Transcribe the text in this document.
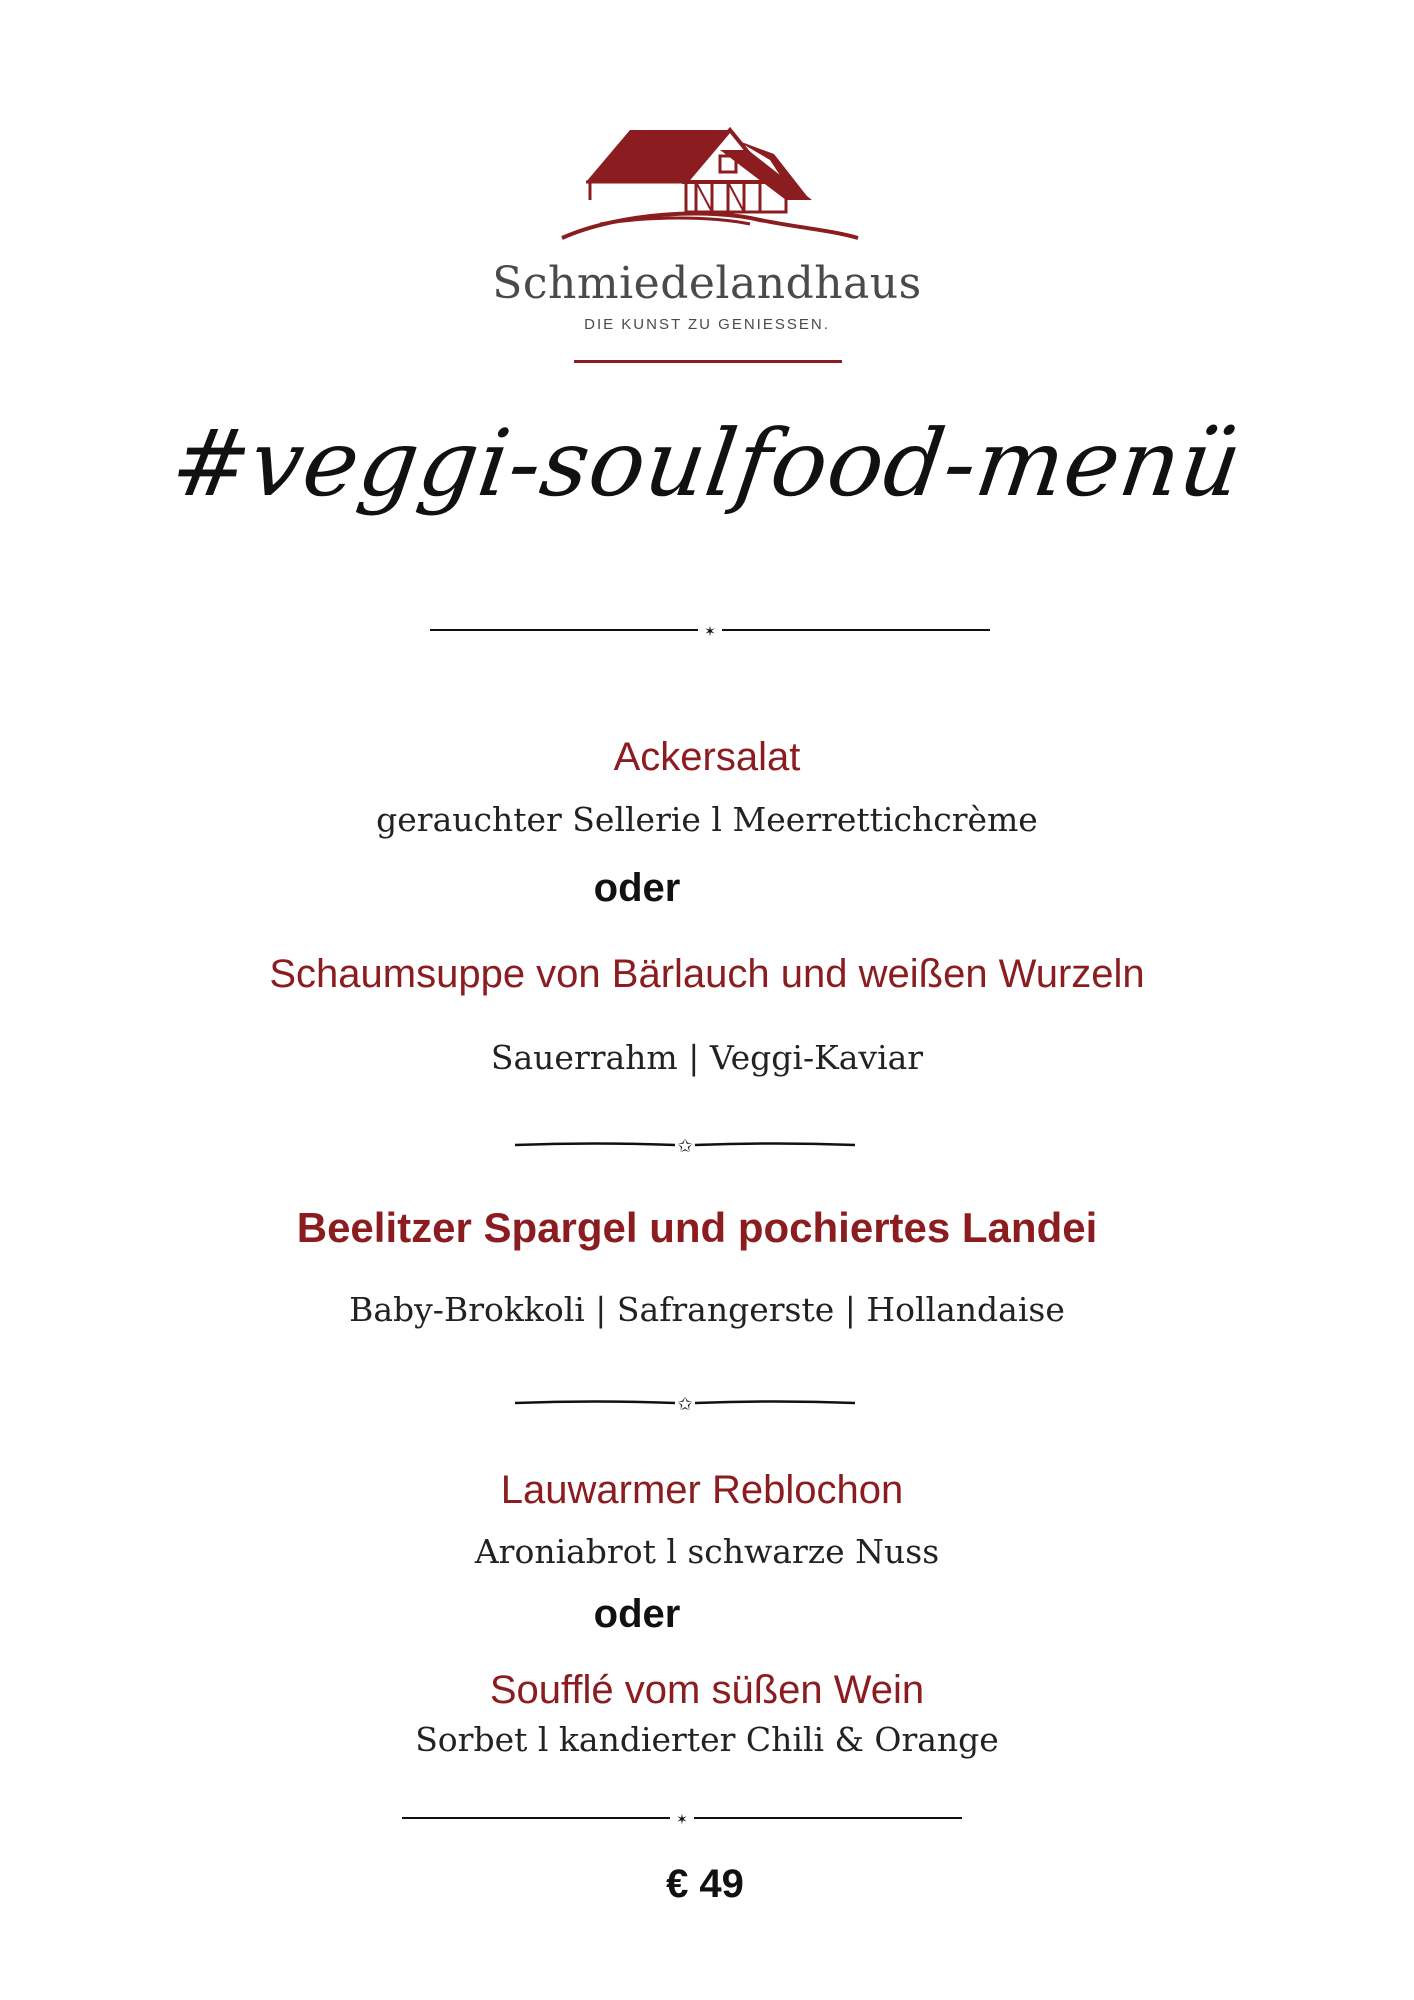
Schmiedelandhaus
DIE KUNST ZU GENIESSEN.
#veggi-soulfood-menü
✶
Ackersalat
gerauchter Sellerie l Meerrettichcrème
oder
Schaumsuppe von Bärlauch und weißen Wurzeln
Sauerrahm | Veggi-Kaviar
✩
Beelitzer Spargel und pochiertes Landei
Baby-Brokkoli | Safrangerste | Hollandaise
✩
Lauwarmer Reblochon
Aroniabrot l schwarze Nuss
oder
Soufflé vom süßen Wein
Sorbet l kandierter Chili & Orange
✶
€ 49
